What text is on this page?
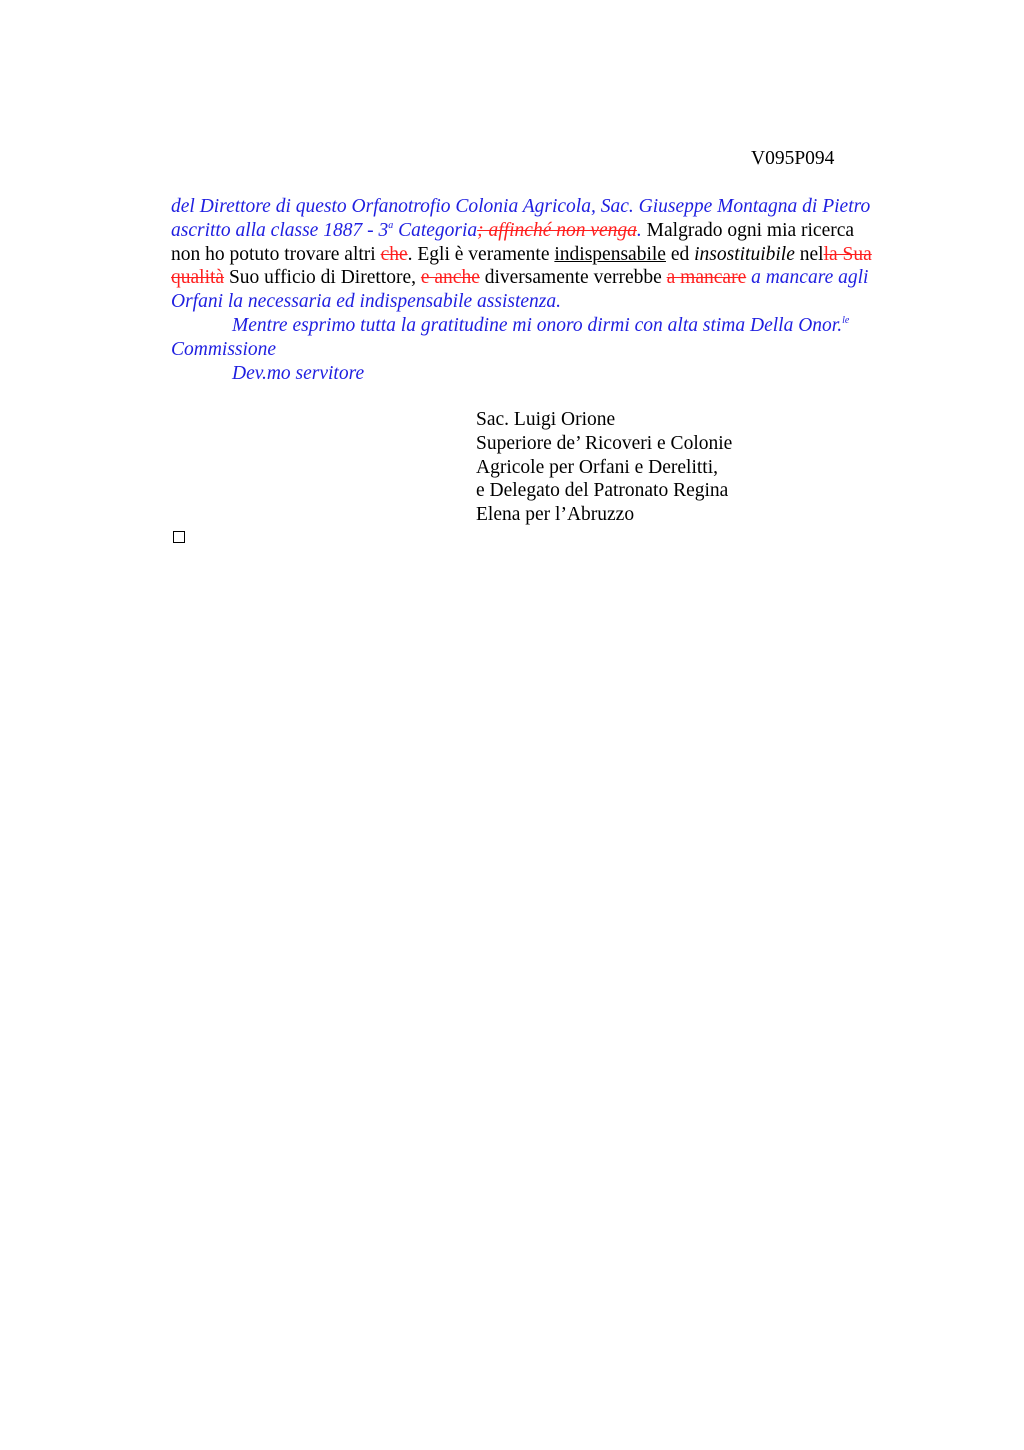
V095P094
del Direttore di questo Orfanotrofio Colonia Agricola, Sac. Giuseppe Montagna di Pietro
ascritto alla classe 1887 - 3$^a$ Categoria; affinché non venga. Malgrado ogni mia ricerca
non ho potuto trovare altri che. Egli è veramente indispensabile ed insostituibile nella Sua
qualità Suo ufficio di Direttore, e anche diversamente verrebbe a mancare a mancare agli
Orfani la necessaria ed indispensabile assistenza.
Mentre esprimo tutta la gratitudine mi onoro dirmi con alta stima Della Onor.$^{le}$
Commissione
Dev.mo servitore
Sac. Luigi Orione
Superiore de’ Ricoveri e Colonie
Agricole per Orfani e Derelitti,
e Delegato del Patronato Regina
Elena per l’Abruzzo
